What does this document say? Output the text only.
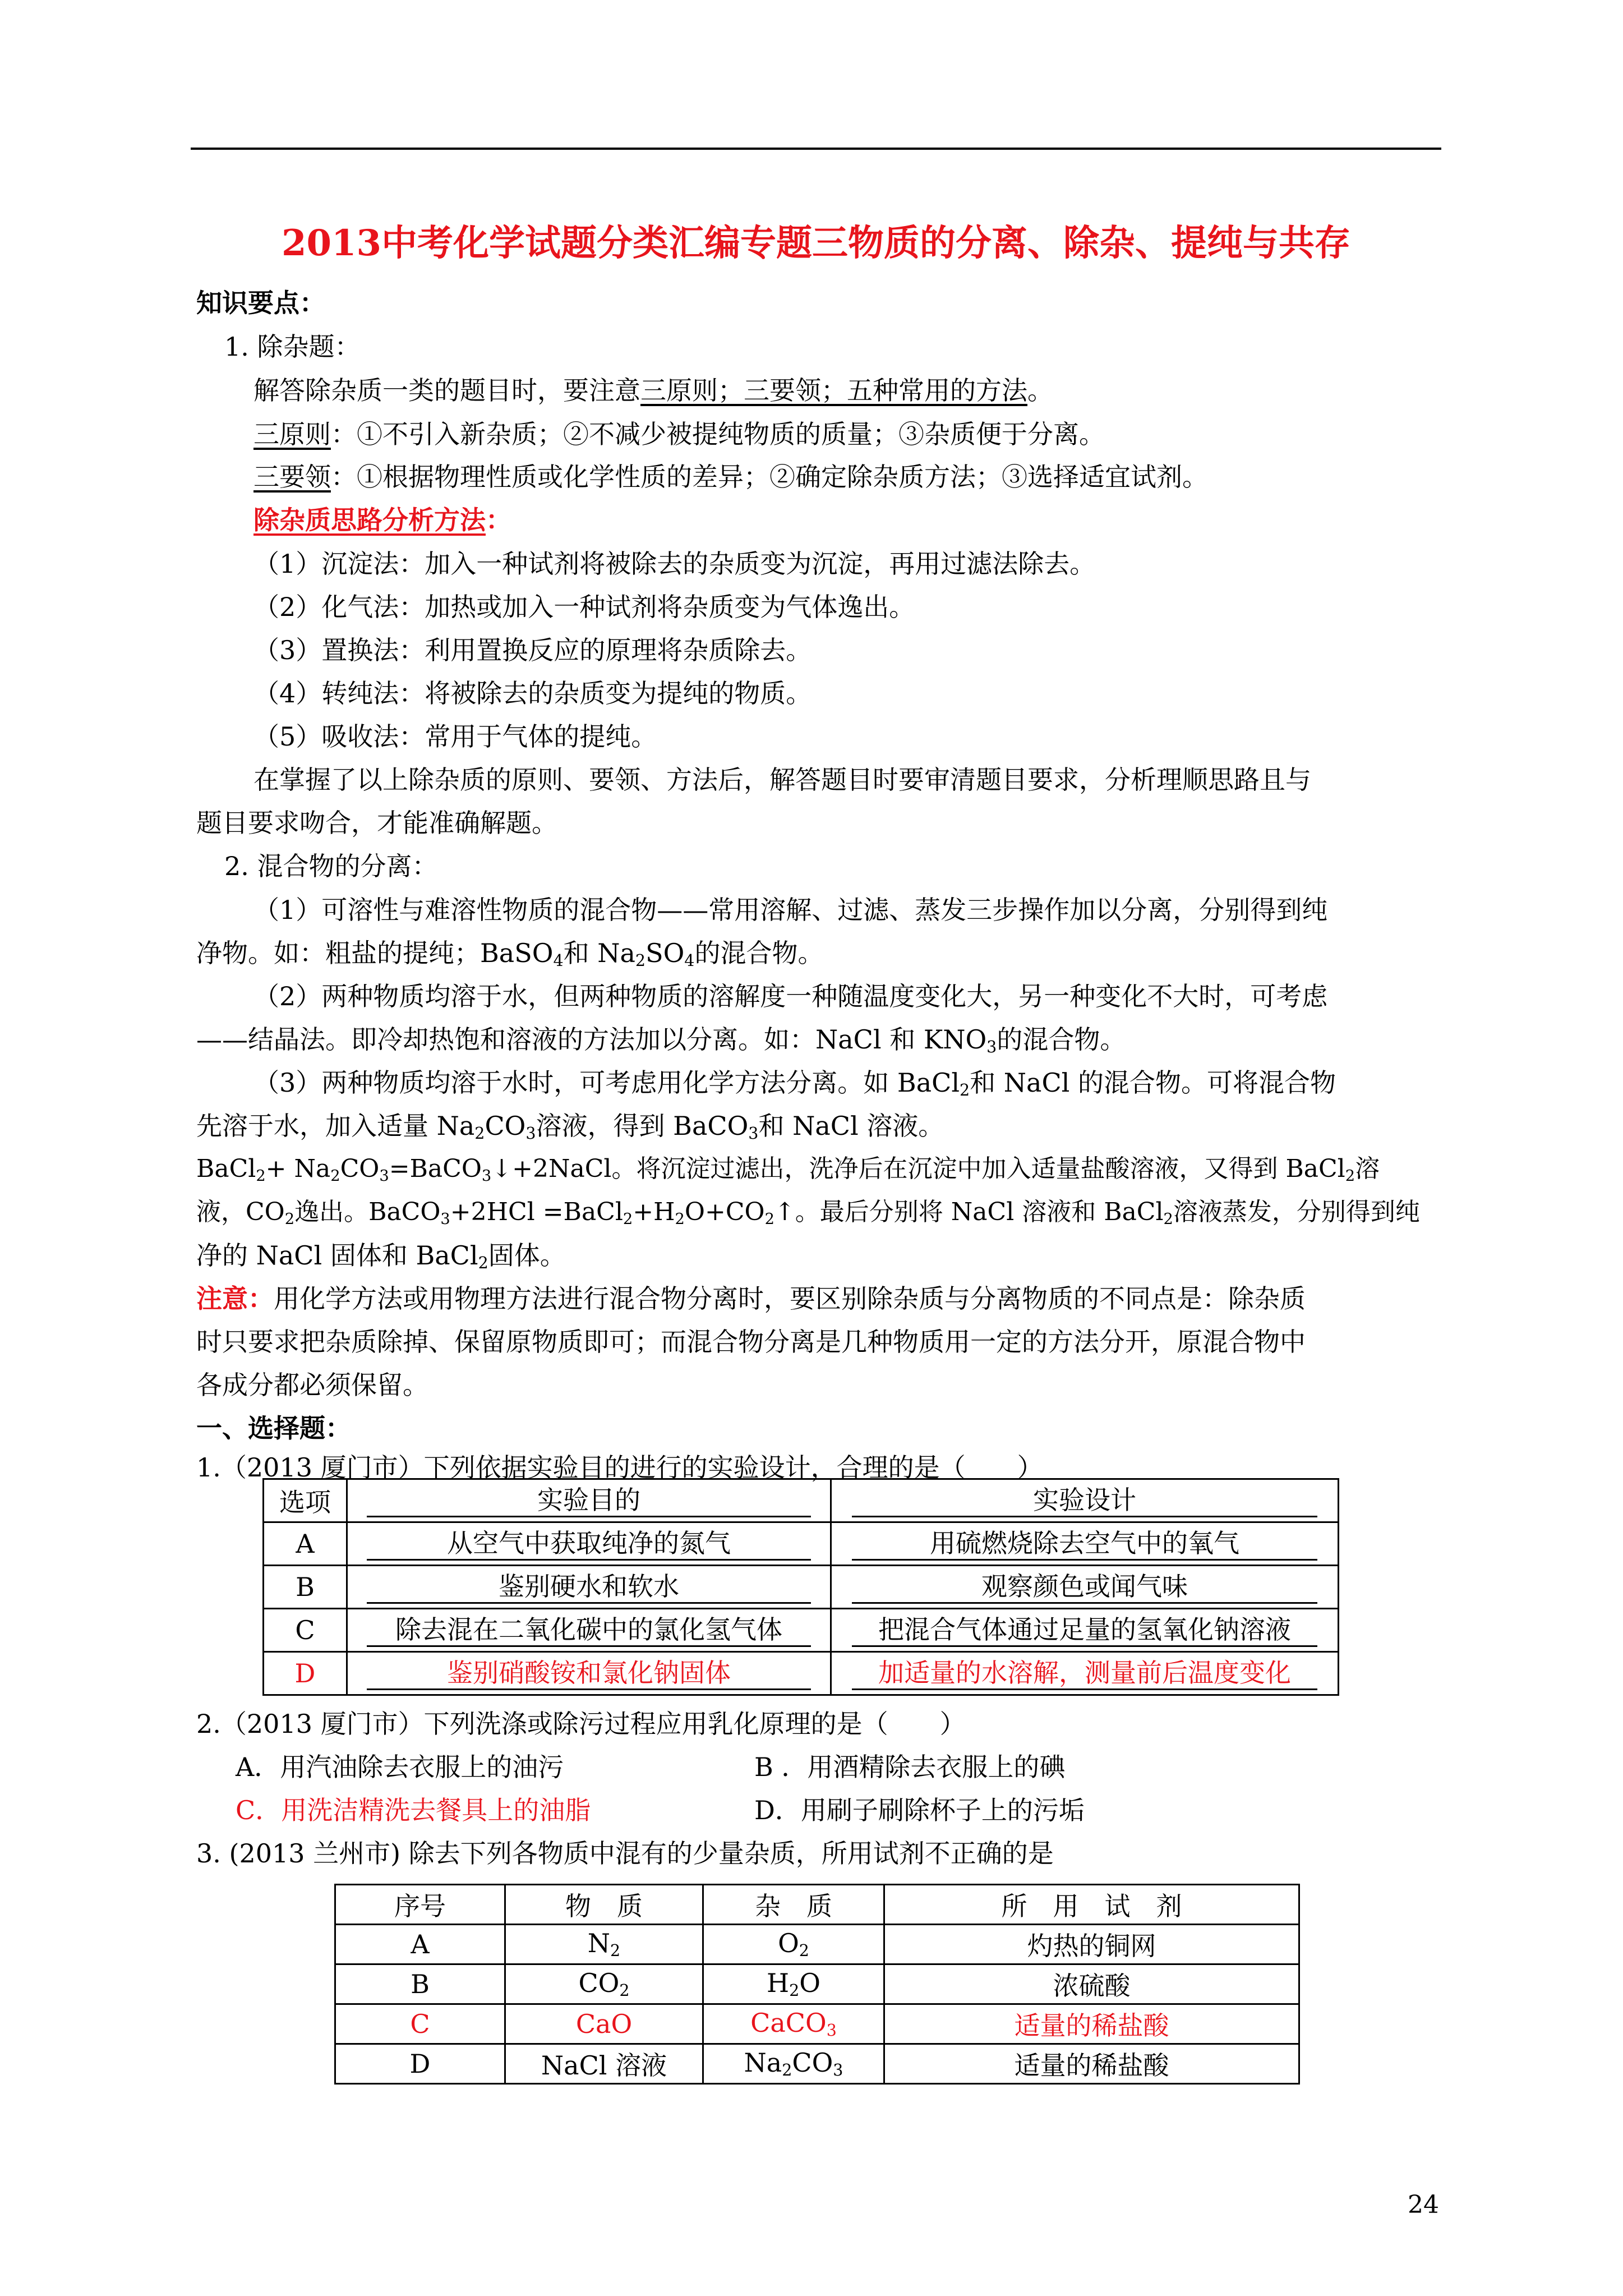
2013中考化学试题分类汇编专题三物质的分离、除杂、提纯与共存
知识要点：
1. 除杂题：
解答除杂质一类的题目时，要注意三原则；三要领；五种常用的方法。
三原则：①不引入新杂质；②不减少被提纯物质的质量；③杂质便于分离。
三要领：①根据物理性质或化学性质的差异；②确定除杂质方法；③选择适宜试剂。
除杂质思路分析方法：
（1）沉淀法：加入一种试剂将被除去的杂质变为沉淀，再用过滤法除去。
（2）化气法：加热或加入一种试剂将杂质变为气体逸出。
（3）置换法：利用置换反应的原理将杂质除去。
（4）转纯法：将被除去的杂质变为提纯的物质。
（5）吸收法：常用于气体的提纯。
在掌握了以上除杂质的原则、要领、方法后，解答题目时要审清题目要求，分析理顺思路且与
题目要求吻合，才能准确解题。
2. 混合物的分离：
（1）可溶性与难溶性物质的混合物——常用溶解、过滤、蒸发三步操作加以分离，分别得到纯
净物。如：粗盐的提纯；BaSO$_4$和 $Na_2SO_4$的混合物。
（2）两种物质均溶于水，但两种物质的溶解度一种随温度变化大，另一种变化不大时，可考虑
——结晶法。即冷却热饱和溶液的方法加以分离。如：NaCl 和 $KNO_3$的混合物。
（3）两种物质均溶于水时，可考虑用化学方法分离。如 BaCl$_2$和 NaCl 的混合物。可将混合物
先溶于水，加入适量 $Na_2CO_3$溶液，得到 BaCO$_3$和 NaCl 溶液。
BaCl$_2$+ $Na_2CO_3=BaCO_3↓+2NaCl$。将沉淀过滤出，洗净后在沉淀中加入适量盐酸溶液，又得到 BaCl$_2$溶
液，$CO_2$逸出。BaCO$_3$+2HCl $=BaCl_2+H_2O+CO_2↑$。最后分别将 NaCl 溶液和 BaCl$_2$溶液蒸发，分别得到纯
净的 NaCl 固体和 BaCl$_2$固体。
注意：用化学方法或用物理方法进行混合物分离时，要区别除杂质与分离物质的不同点是：除杂质
时只要求把杂质除掉、保留原物质即可；而混合物分离是几种物质用一定的方法分开，原混合物中
各成分都必须保留。
一、选择题：
1.（2013 厦门市）下列依据实验目的进行的实验设计，合理的是（　　）
选项	实验目的	实验设计
A	从空气中获取纯净的氮气	用硫燃烧除去空气中的氧气
B	鉴别硬水和软水	观察颜色或闻气味
C	除去混在二氧化碳中的氯化氢气体	把混合气体通过足量的氢氧化钠溶液
D	鉴别硝酸铵和氯化钠固体	加适量的水溶解，测量前后温度变化
2.（2013 厦门市）下列洗涤或除污过程应用乳化原理的是（　　）
A．用汽油除去衣服上的油污	B ．用酒精除去衣服上的碘
C．用洗洁精洗去餐具上的油脂	D．用刷子刷除杯子上的污垢
3. (2013 兰州市) 除去下列各物质中混有的少量杂质，所用试剂不正确的是
序号	物　质	杂　质	所　用　试　剂
A	$N_2$	$O_2$	灼热的铜网
B	$CO_2$	$H_2O$	浓硫酸
C	CaO	CaCO$_3$	适量的稀盐酸
D	NaCl 溶液	$Na_2CO_3$	适量的稀盐酸
24
